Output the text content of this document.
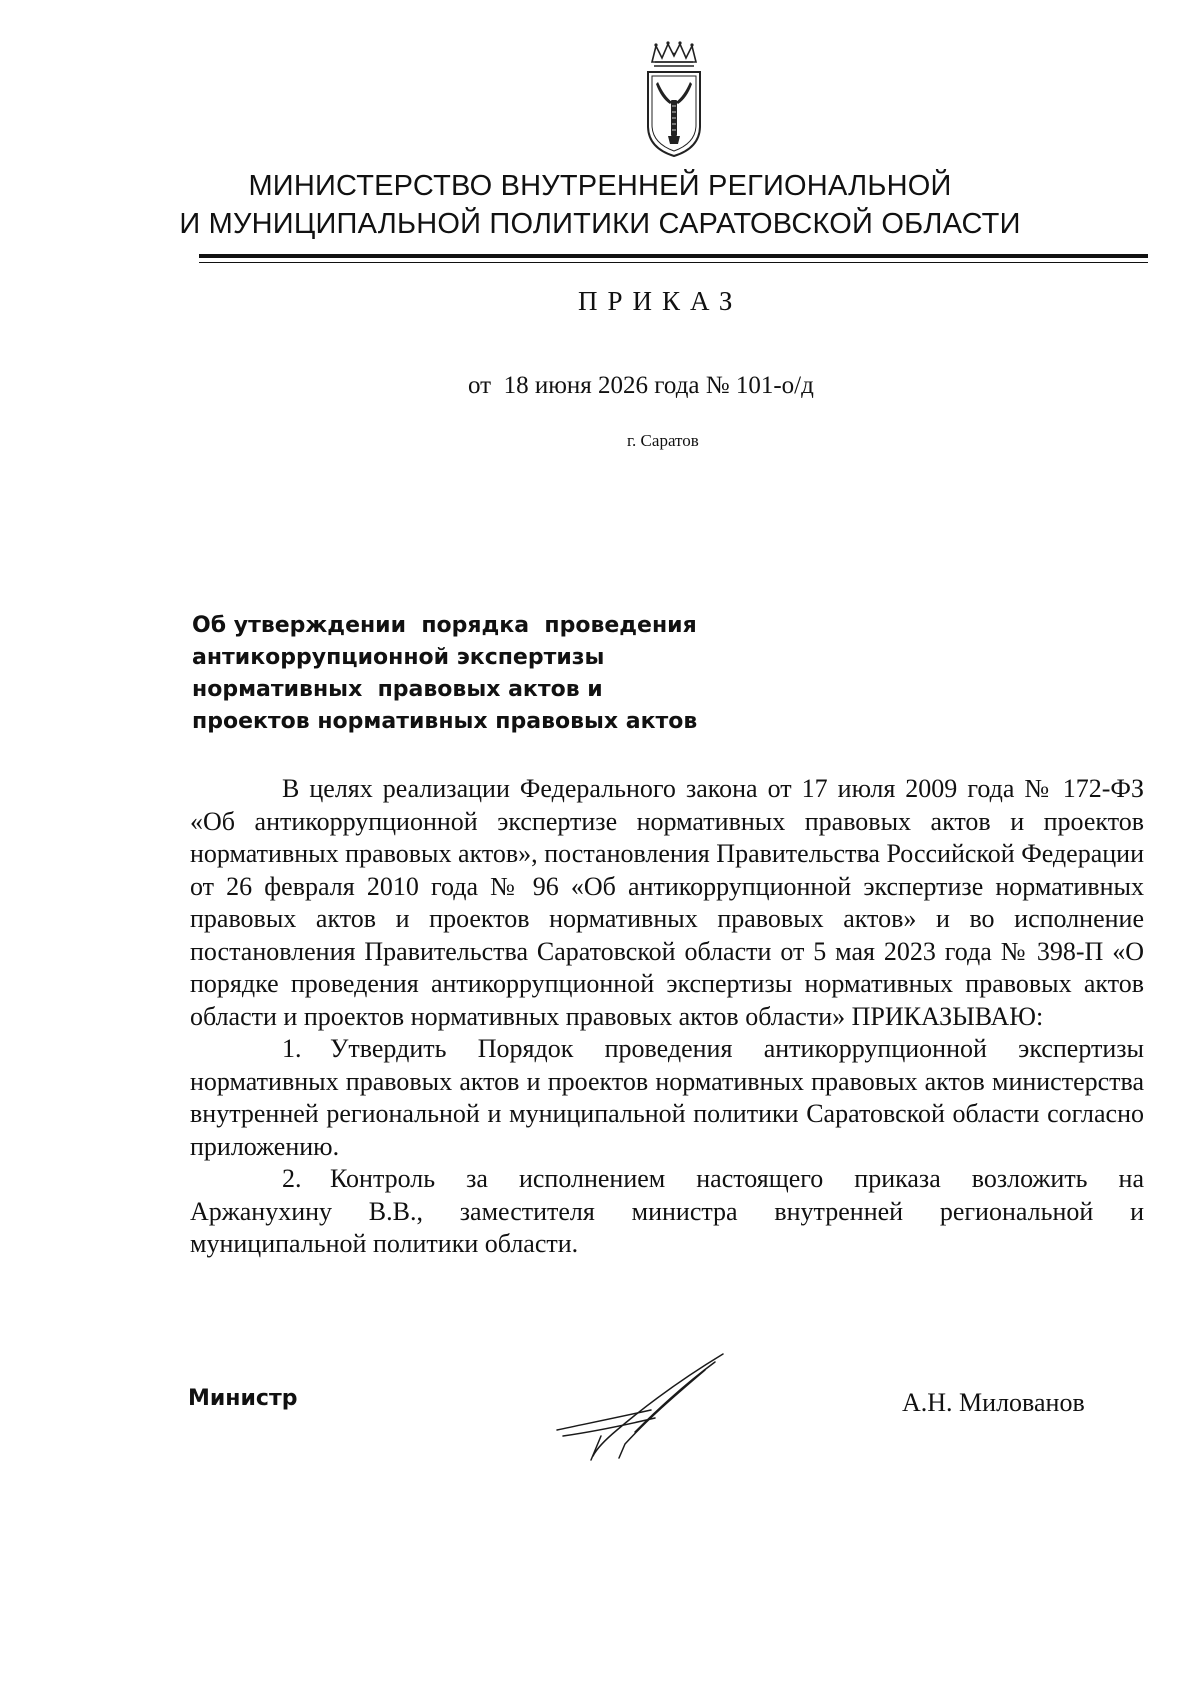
МИНИСТЕРСТВО ВНУТРЕННЕЙ РЕГИОНАЛЬНОЙ
И МУНИЦИПАЛЬНОЙ ПОЛИТИКИ САРАТОВСКОЙ ОБЛАСТИ
ПРИКАЗ
от  18 июня 2026 года № 101-о/д
г. Саратов
Об утверждении  порядка  проведения
антикоррупционной экспертизы
нормативных  правовых актов и
проектов нормативных правовых актов

В целях реализации Федерального закона от 17 июля 2009 года № 172-ФЗ «Об антикоррупционной экспертизе нормативных правовых актов и проектов нормативных правовых актов», постановления Правительства Российской Федерации от 26 февраля 2010 года № 96 «Об антикоррупционной экспертизе нормативных правовых актов и проектов нормативных правовых актов» и во исполнение постановления Правительства Саратовской области от 5 мая 2023 года № 398-П «О порядке проведения антикоррупционной экспертизы нормативных правовых актов области и проектов нормативных правовых актов области» ПРИКАЗЫВАЮ:

1. Утвердить Порядок проведения антикоррупционной экспертизы нормативных правовых актов и проектов нормативных правовых актов министерства внутренней региональной и муниципальной политики Саратовской области согласно приложению.

2. Контроль за исполнением настоящего приказа возложить на Аржанухину В.В., заместителя министра внутренней региональной и муниципальной политики области.

Министр	А.Н. Милованов
